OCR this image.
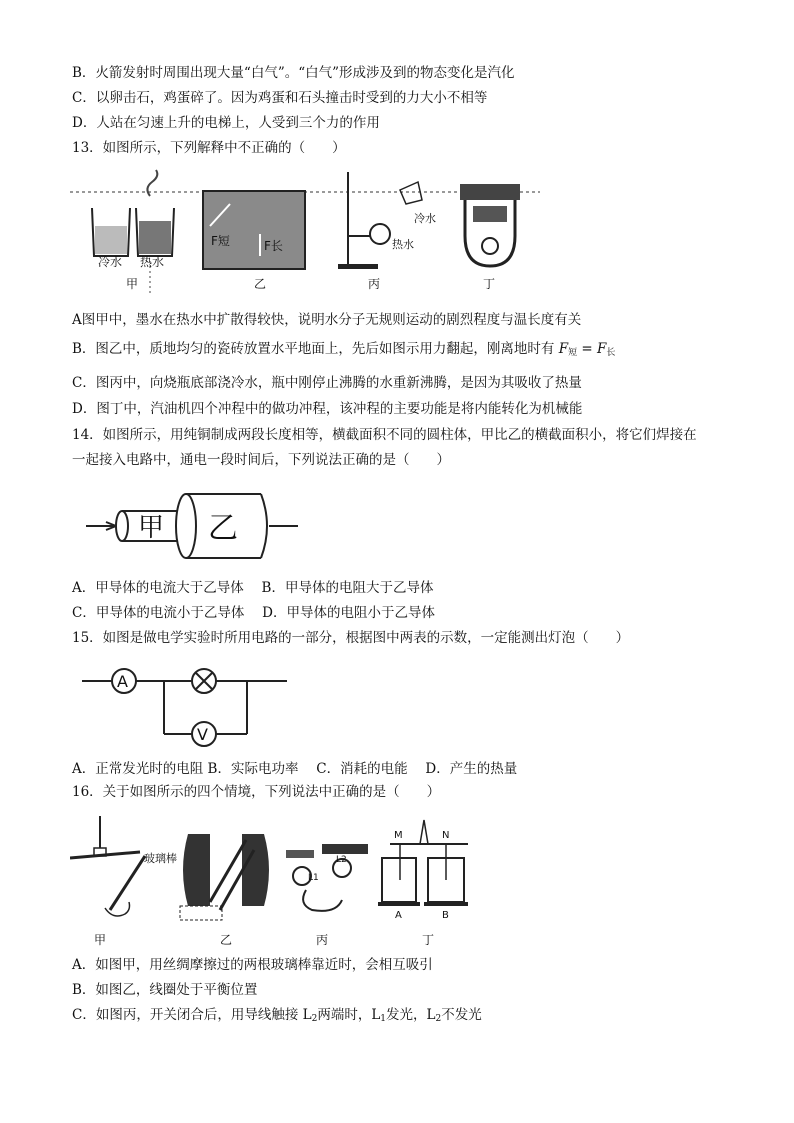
B．火箭发射时周围出现大量“白气”。“白气”形成涉及到的物态变化是汽化
C．以卵击石，鸡蛋碎了。因为鸡蛋和石头撞击时受到的力大小不相等
D．人站在匀速上升的电梯上，人受到三个力的作用
13．如图所示，下列解释中不正确的（　　）
冷水 热水
甲
F短	F长
乙
冷水
热水
丙	丁
A图甲中，墨水在热水中扩散得较快，说明水分子无规则运动的剧烈程度与温长度有关
B．图乙中，质地均匀的瓷砖放置水平地面上，先后如图示用力翻起，刚离地时有 $F_短 = F_长$
C．图丙中，向烧瓶底部浇冷水，瓶中刚停止沸腾的水重新沸腾，是因为其吸收了热量
D．图丁中，汽油机四个冲程中的做功冲程，该冲程的主要功能是将内能转化为机械能
14．如图所示，用纯铜制成两段长度相等，横截面积不同的圆柱体，甲比乙的横截面积小，将它们焊接在
一起接入电路中，通电一段时间后，下列说法正确的是（　　）
甲 乙
A．甲导体的电流大于乙导体　 B．甲导体的电阻大于乙导体
C．甲导体的电流小于乙导体　 D．甲导体的电阻小于乙导体
15．如图是做电学实验时所用电路的一部分，根据图中两表的示数，一定能测出灯泡（　　）
A
V
A．正常发光时的电阻 B．实际电功率　 C．消耗的电能　 D．产生的热量
16．关于如图所示的四个情境，下列说法中正确的是（　　）
玻璃棒
甲	乙
L1
L2
丙
M	N
A	B
丁
A．如图甲，用丝绸摩擦过的两根玻璃棒靠近时，会相互吸引
B．如图乙，线圈处于平衡位置
C．如图丙，开关闭合后，用导线触接 $L_2$两端时，$L_1$发光，$L_2$不发光
